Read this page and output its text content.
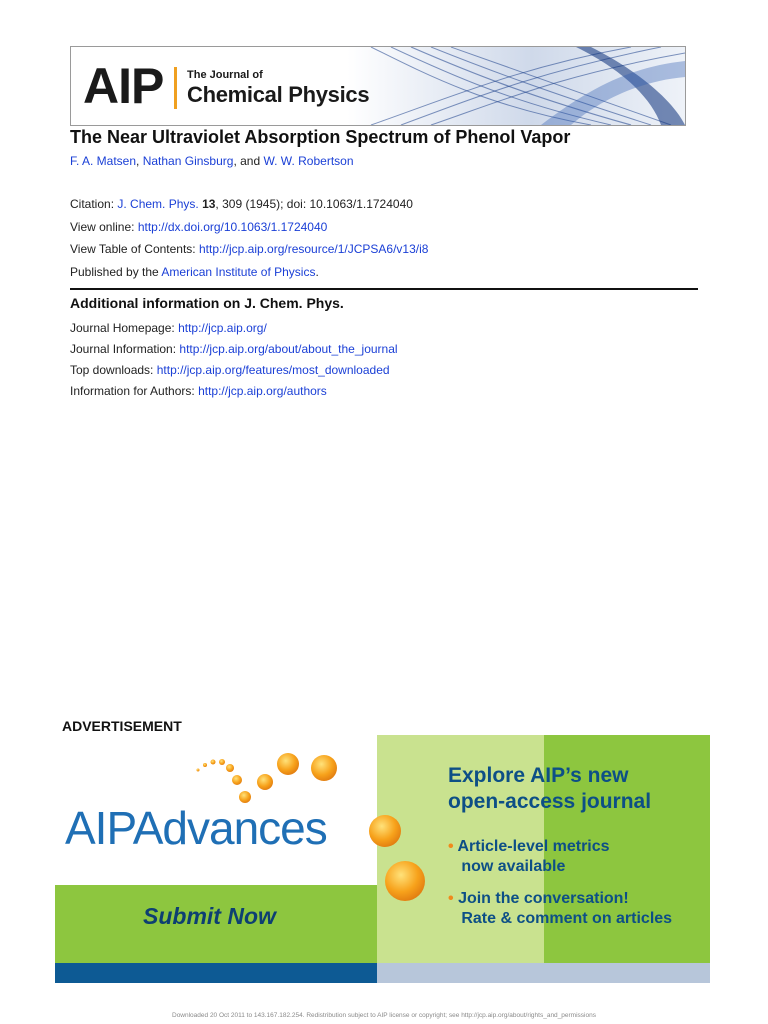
AIP The Journal of
Chemical Physics
The Near Ultraviolet Absorption Spectrum of Phenol Vapor
F. A. Matsen, Nathan Ginsburg, and W. W. Robertson
Citation: J. Chem. Phys. 13, 309 (1945); doi: 10.1063/1.1724040
View online: http://dx.doi.org/10.1063/1.1724040
View Table of Contents: http://jcp.aip.org/resource/1/JCPSA6/v13/i8
Published by the American Institute of Physics.
Additional information on J. Chem. Phys.
Journal Homepage: http://jcp.aip.org/
Journal Information: http://jcp.aip.org/about/about_the_journal
Top downloads: http://jcp.aip.org/features/most_downloaded
Information for Authors: http://jcp.aip.org/authors
ADVERTISEMENT
AIPAdvances
Submit Now
Explore AIP’s new
open-access journal
• Article-level metrics
now available
• Join the conversation!
Rate & comment on articles
Downloaded 20 Oct 2011 to 143.167.182.254. Redistribution subject to AIP license or copyright; see http://jcp.aip.org/about/rights_and_permissions
